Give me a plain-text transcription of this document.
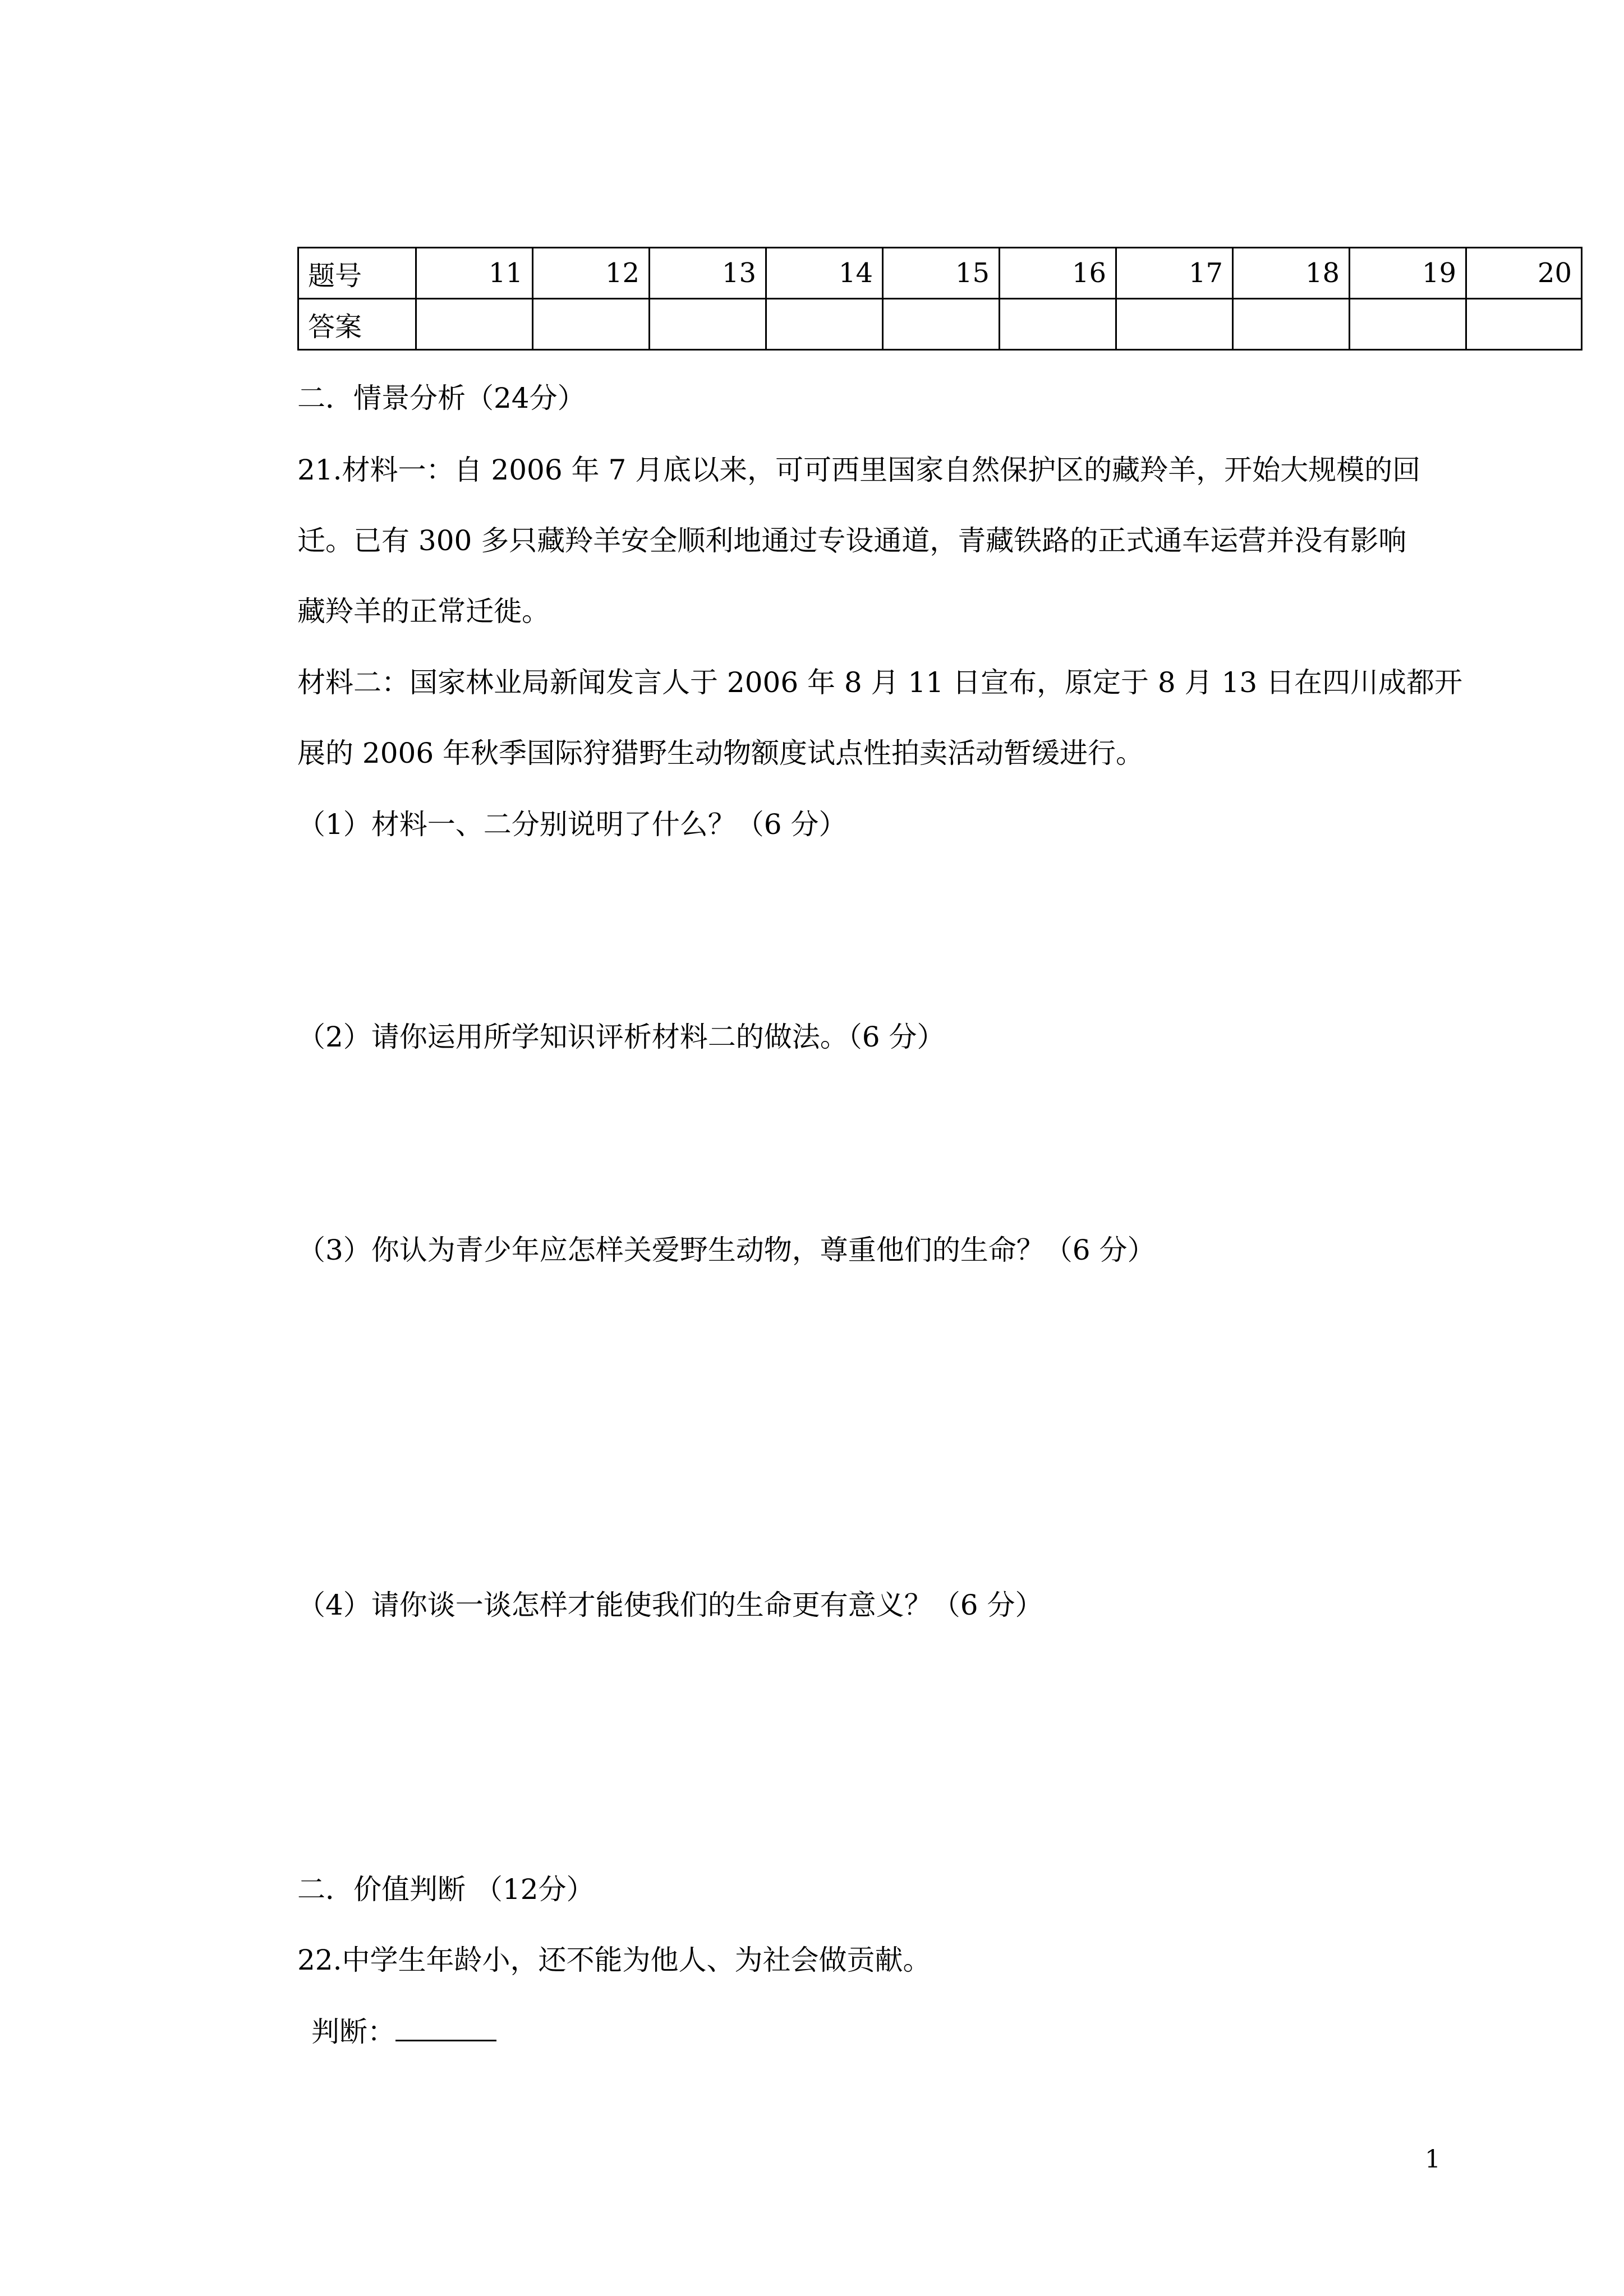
题号	11	12	13	14	15	16	17	18	19	20
答案										

二．情景分析（24分）

21.材料一：自 2006 年 7 月底以来，可可西里国家自然保护区的藏羚羊，开始大规模的回

迁。已有 300 多只藏羚羊安全顺利地通过专设通道，青藏铁路的正式通车运营并没有影响

藏羚羊的正常迁徙。

材料二：国家林业局新闻发言人于 2006 年 8 月 11 日宣布，原定于 8 月 13 日在四川成都开

展的 2006 年秋季国际狩猎野生动物额度试点性拍卖活动暂缓进行。

（1）材料一、二分别说明了什么？（6 分）

（2）请你运用所学知识评析材料二的做法。（6 分）

（3）你认为青少年应怎样关爱野生动物，尊重他们的生命？（6 分）

（4）请你谈一谈怎样才能使我们的生命更有意义？（6 分）

二．价值判断 （12分）

22.中学生年龄小，还不能为他人、为社会做贡献。

判断：

1
